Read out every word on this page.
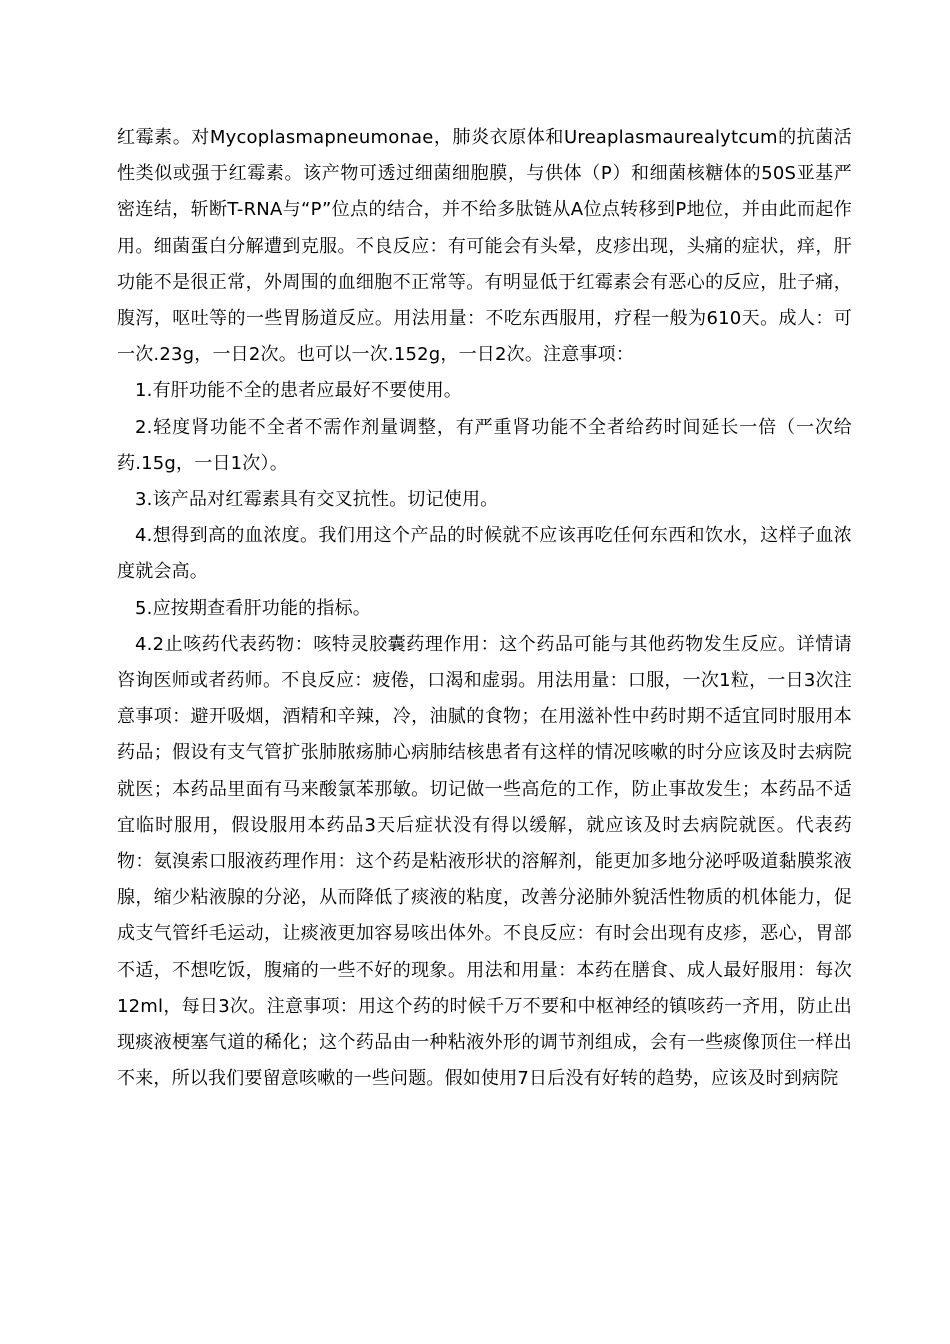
红霉素。对Mycoplasmapneumonae，肺炎衣原体和Ureaplasmaurealytcum的抗菌活性类似或强于红霉素。该产物可透过细菌细胞膜，与供体（P）和细菌核糖体的50S亚基严密连结，斩断T-RNA与“P”位点的结合，并不给多肽链从A位点转移到P地位，并由此而起作用。细菌蛋白分解遭到克服。不良反应：有可能会有头晕，皮疹出现，头痛的症状，痒，肝功能不是很正常，外周围的血细胞不正常等。有明显低于红霉素会有恶心的反应，肚子痛，腹泻，呕吐等的一些胃肠道反应。用法用量：不吃东西服用，疗程一般为610天。成人：可一次.23g，一日2次。也可以一次.152g，一日2次。注意事项：

1.有肝功能不全的患者应最好不要使用。

2.轻度肾功能不全者不需作剂量调整，有严重肾功能不全者给药时间延长一倍（一次给药.15g，一日1次）。

3.该产品对红霉素具有交叉抗性。切记使用。

4.想得到高的血浓度。我们用这个产品的时候就不应该再吃任何东西和饮水，这样子血浓度就会高。

5.应按期查看肝功能的指标。

4.2止咳药代表药物：咳特灵胶囊药理作用：这个药品可能与其他药物发生反应。详情请咨询医师或者药师。不良反应：疲倦，口渴和虚弱。用法用量：口服，一次1粒，一日3次注意事项：避开吸烟，酒精和辛辣，冷，油腻的食物；在用滋补性中药时期不适宜同时服用本药品；假设有支气管扩张肺脓疡肺心病肺结核患者有这样的情况咳嗽的时分应该及时去病院就医；本药品里面有马来酸氯苯那敏。切记做一些高危的工作，防止事故发生；本药品不适宜临时服用，假设服用本药品3天后症状没有得以缓解，就应该及时去病院就医。代表药物：氨溴索口服液药理作用：这个药是粘液形状的溶解剂，能更加多地分泌呼吸道黏膜浆液腺，缩少粘液腺的分泌，从而降低了痰液的粘度，改善分泌肺外貌活性物质的机体能力，促成支气管纤毛运动，让痰液更加容易咳出体外。不良反应：有时会出现有皮疹，恶心，胃部不适，不想吃饭，腹痛的一些不好的现象。用法和用量：本药在膳食、成人最好服用：每次12ml，每日3次。注意事项：用这个药的时候千万不要和中枢神经的镇咳药一齐用，防止出现痰液梗塞气道的稀化；这个药品由一种粘液外形的调节剂组成，会有一些痰像顶住一样出不来，所以我们要留意咳嗽的一些问题。假如使用7日后没有好转的趋势，应该及时到病院
